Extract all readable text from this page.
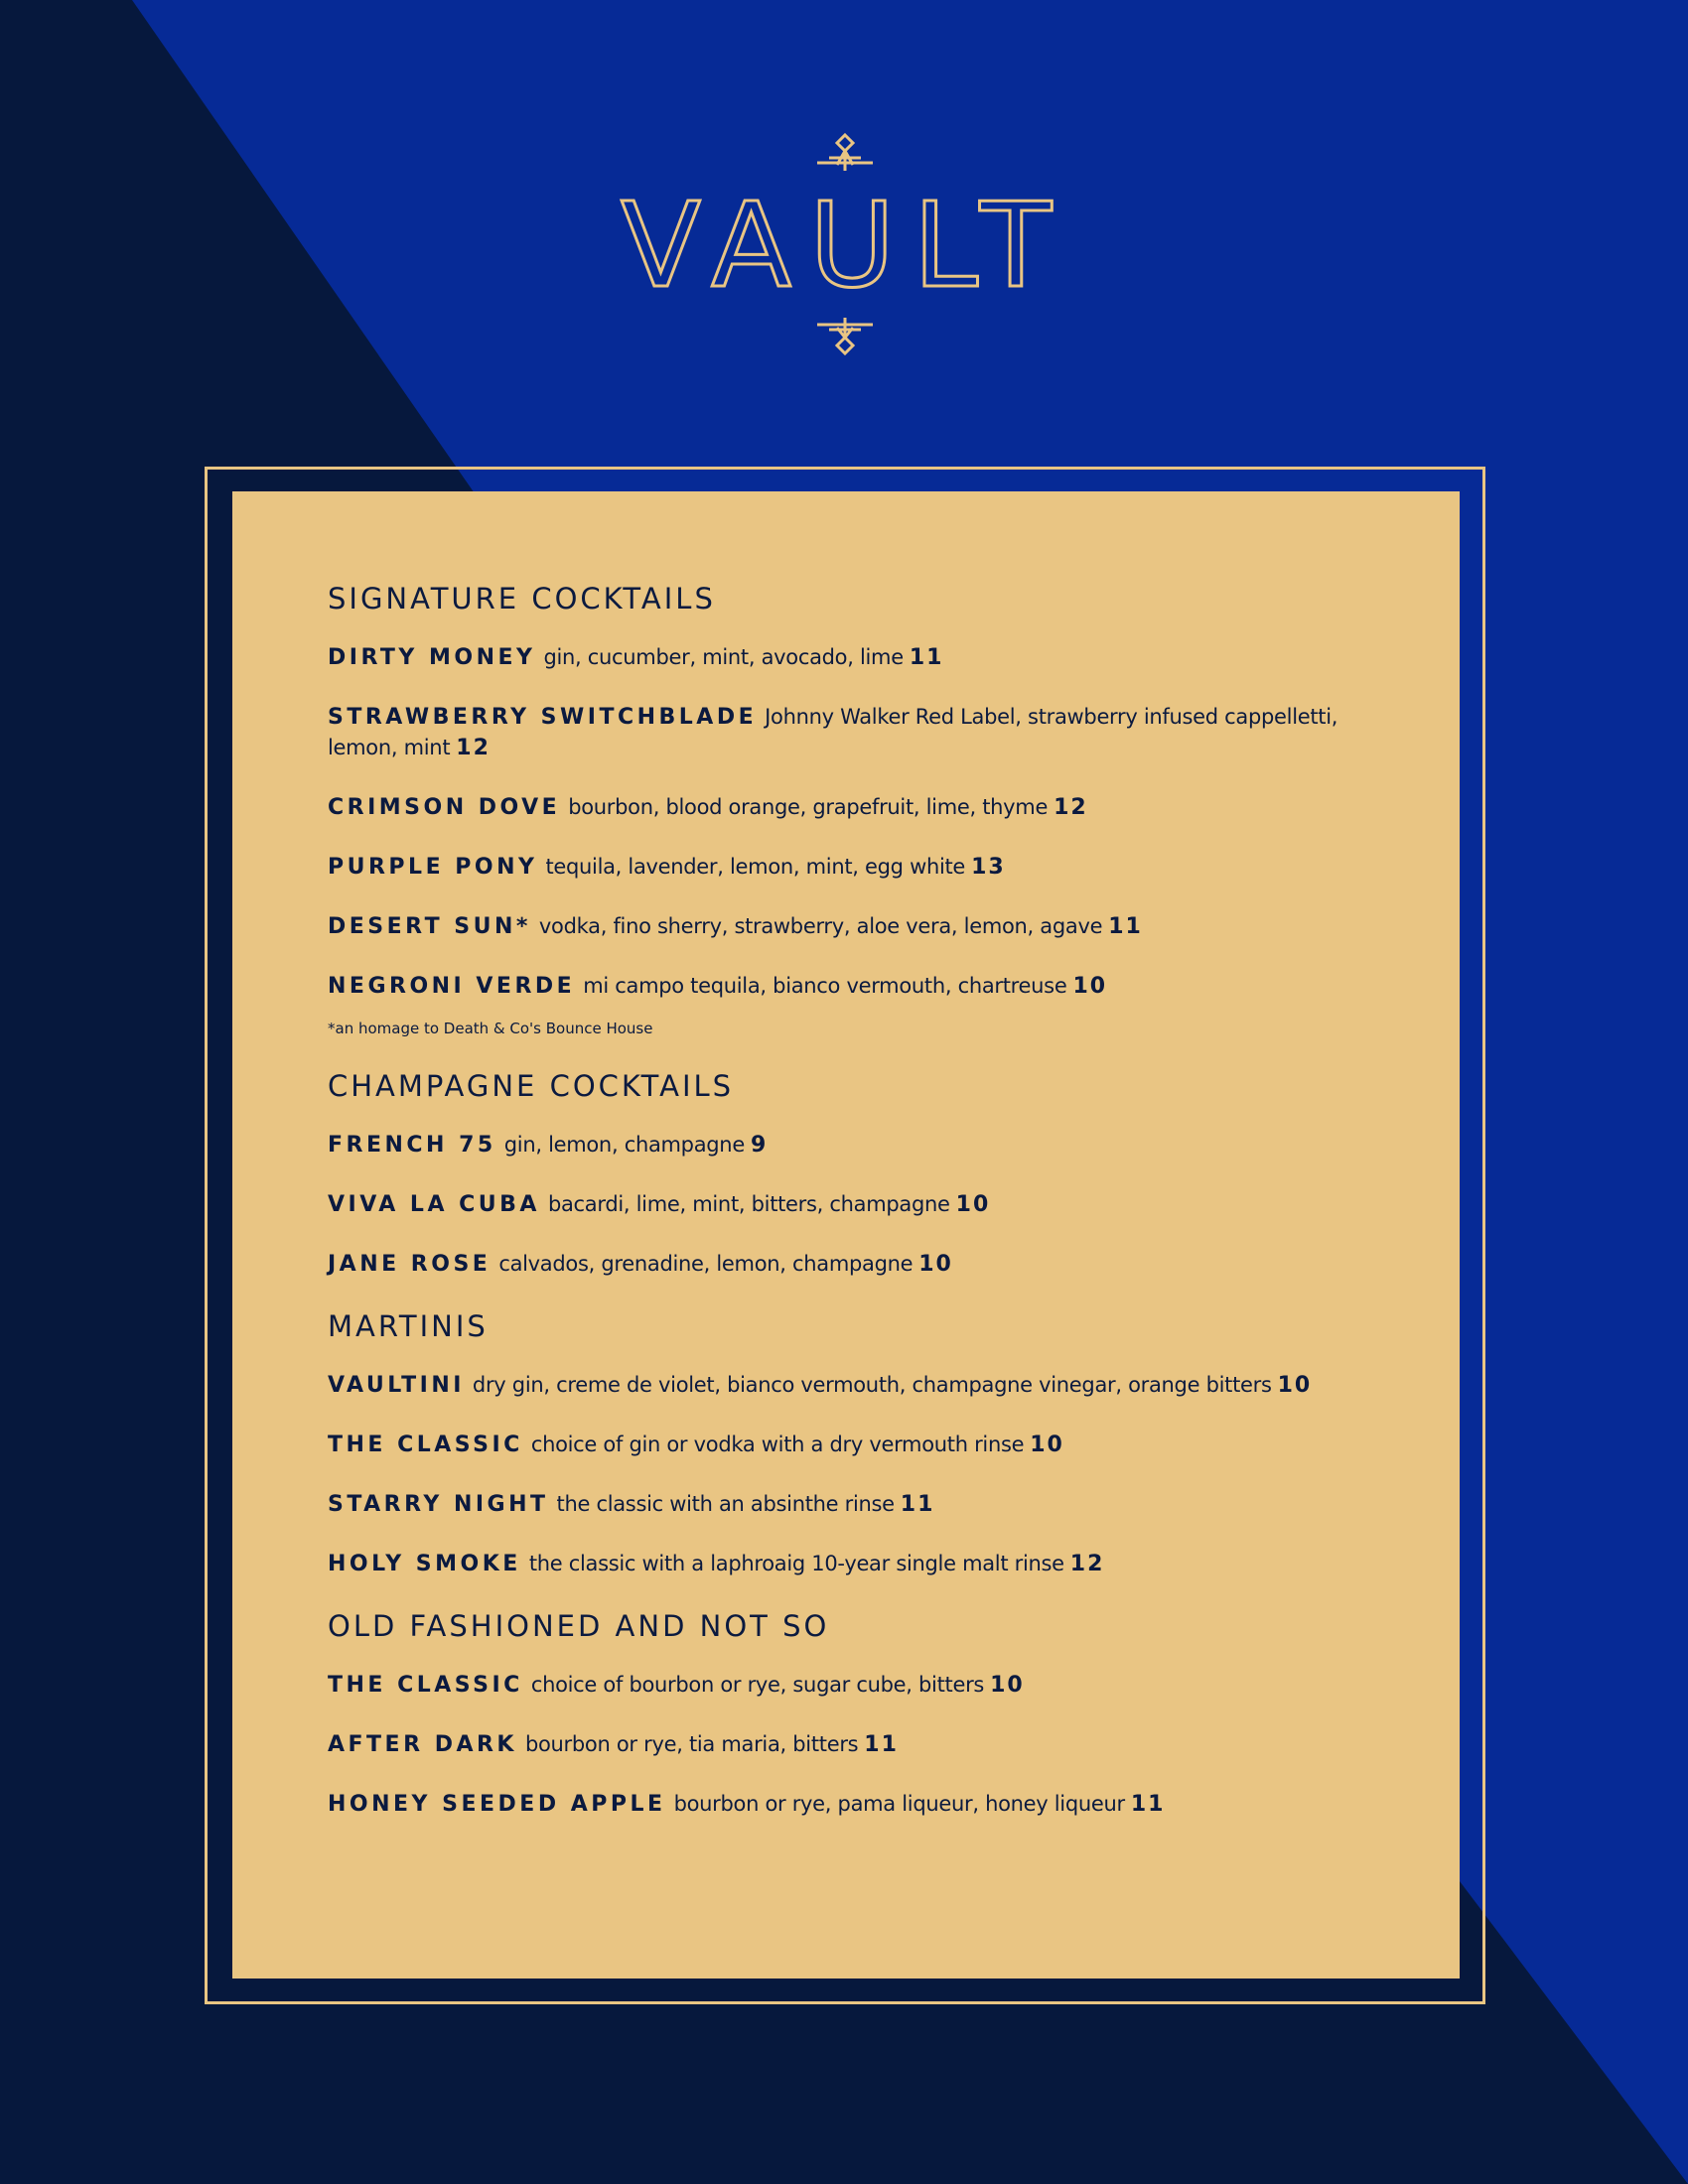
VAULT
SIGNATURE COCKTAILS
DIRTY MONEY gin, cucumber, mint, avocado, lime 11
STRAWBERRY SWITCHBLADE Johnny Walker Red Label, strawberry infused cappelletti, lemon, mint 12
CRIMSON DOVE bourbon, blood orange, grapefruit, lime, thyme 12
PURPLE PONY tequila, lavender, lemon, mint, egg white 13
DESERT SUN* vodka, fino sherry, strawberry, aloe vera, lemon, agave 11
NEGRONI VERDE mi campo tequila, bianco vermouth, chartreuse 10
*an homage to Death & Co's Bounce House
CHAMPAGNE COCKTAILS
FRENCH 75 gin, lemon, champagne 9
VIVA LA CUBA bacardi, lime, mint, bitters, champagne 10
JANE ROSE calvados, grenadine, lemon, champagne 10
MARTINIS
VAULTINI dry gin, creme de violet, bianco vermouth, champagne vinegar, orange bitters 10
THE CLASSIC choice of gin or vodka with a dry vermouth rinse 10
STARRY NIGHT the classic with an absinthe rinse 11
HOLY SMOKE the classic with a laphroaig 10-year single malt rinse 12
OLD FASHIONED AND NOT SO
THE CLASSIC choice of bourbon or rye, sugar cube, bitters 10
AFTER DARK bourbon or rye, tia maria, bitters 11
HONEY SEEDED APPLE bourbon or rye, pama liqueur, honey liqueur 11
